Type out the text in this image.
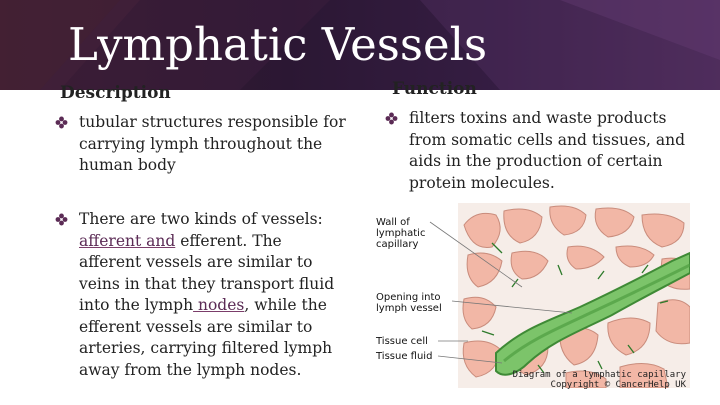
Lymphatic Vessels
Description	Function
tubular structures responsible for carrying lymph throughout the human body
There are two kinds of vessels: afferent and efferent. The afferent vessels are similar to veins in that they transport fluid into the lymph nodes, while the efferent vessels are similar to arteries, carrying filtered lymph away from the lymph nodes.
filters toxins and waste products from somatic cells and tissues, and aids in the production of certain protein molecules.

Wall of
lymphatic
capillary

Opening into
lymph vessel

Tissue cell

Tissue fluid

Diagram of a lymphatic capillary
Copyright © CancerHelp UK
